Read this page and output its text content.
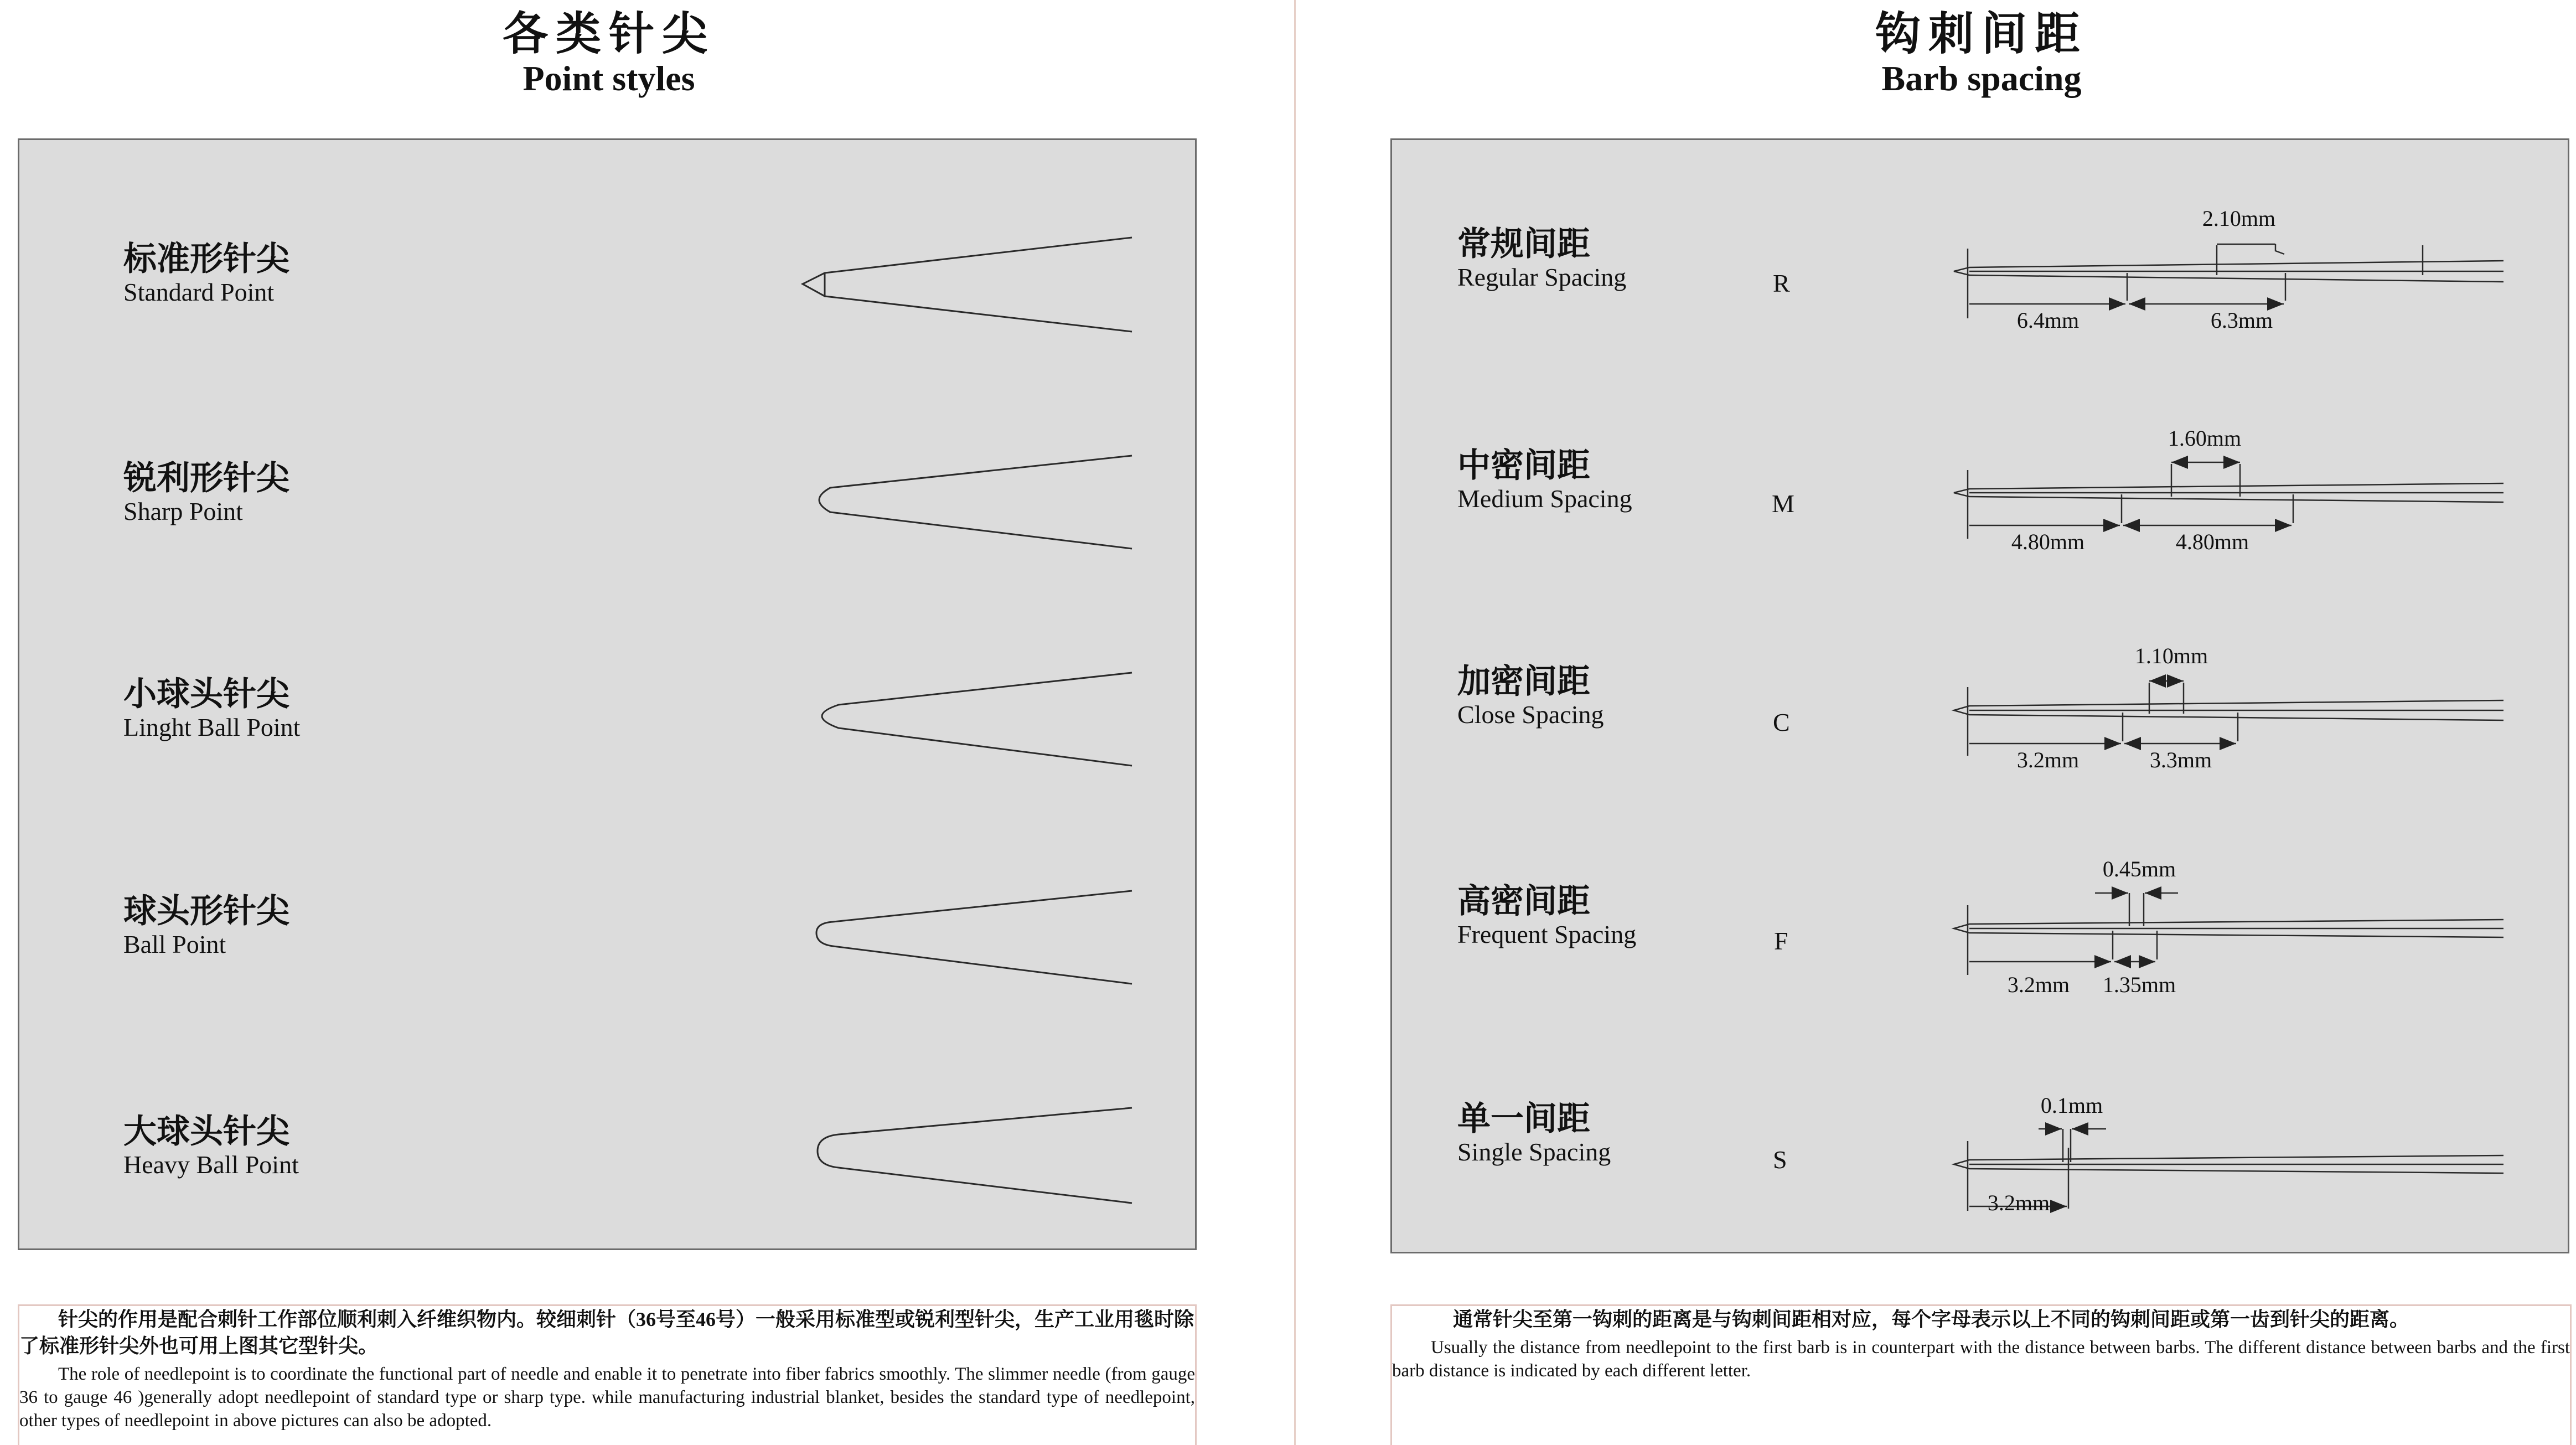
各类针尖
Point styles
标准形针尖
Standard Point
锐利形针尖
Sharp Point
小球头针尖
Linght Ball Point
球头形针尖
Ball Point
大球头针尖
Heavy Ball Point

针尖的作用是配合刺针工作部位顺利刺入纤维织物内。较细刺针（36号至46号）一般采用标准型或锐利型针尖，生产工业用毯时除了标准形针尖外也可用上图其它型针尖。

The role of needlepoint is to coordinate the functional part of needle and enable it to penetrate into fiber fabrics smoothly. The slimmer needle (from gauge 36 to gauge 46 )generally adopt needlepoint of standard type or sharp type. while manufacturing industrial blanket, besides the standard type of needlepoint, other types of needlepoint in above pictures can also be adopted.

钩刺间距
Barb spacing
常规间距
Regular Spacing	R
2.10mm
6.4mm	6.3mm
中密间距
Medium Spacing	M
1.60mm
4.80mm	4.80mm
加密间距
Close Spacing	C
1.10mm
3.2mm	3.3mm
高密间距
Frequent Spacing	F
0.45mm
3.2mm 1.35mm
单一间距
Single Spacing	S
0.1mm
3.2mm

通常针尖至第一钩刺的距离是与钩刺间距相对应，每个字母表示以上不同的钩刺间距或第一齿到针尖的距离。

Usually the distance from needlepoint to the first barb is in counterpart with the distance between barbs. The different distance between barbs and the first barb distance is indicated by each different letter.
